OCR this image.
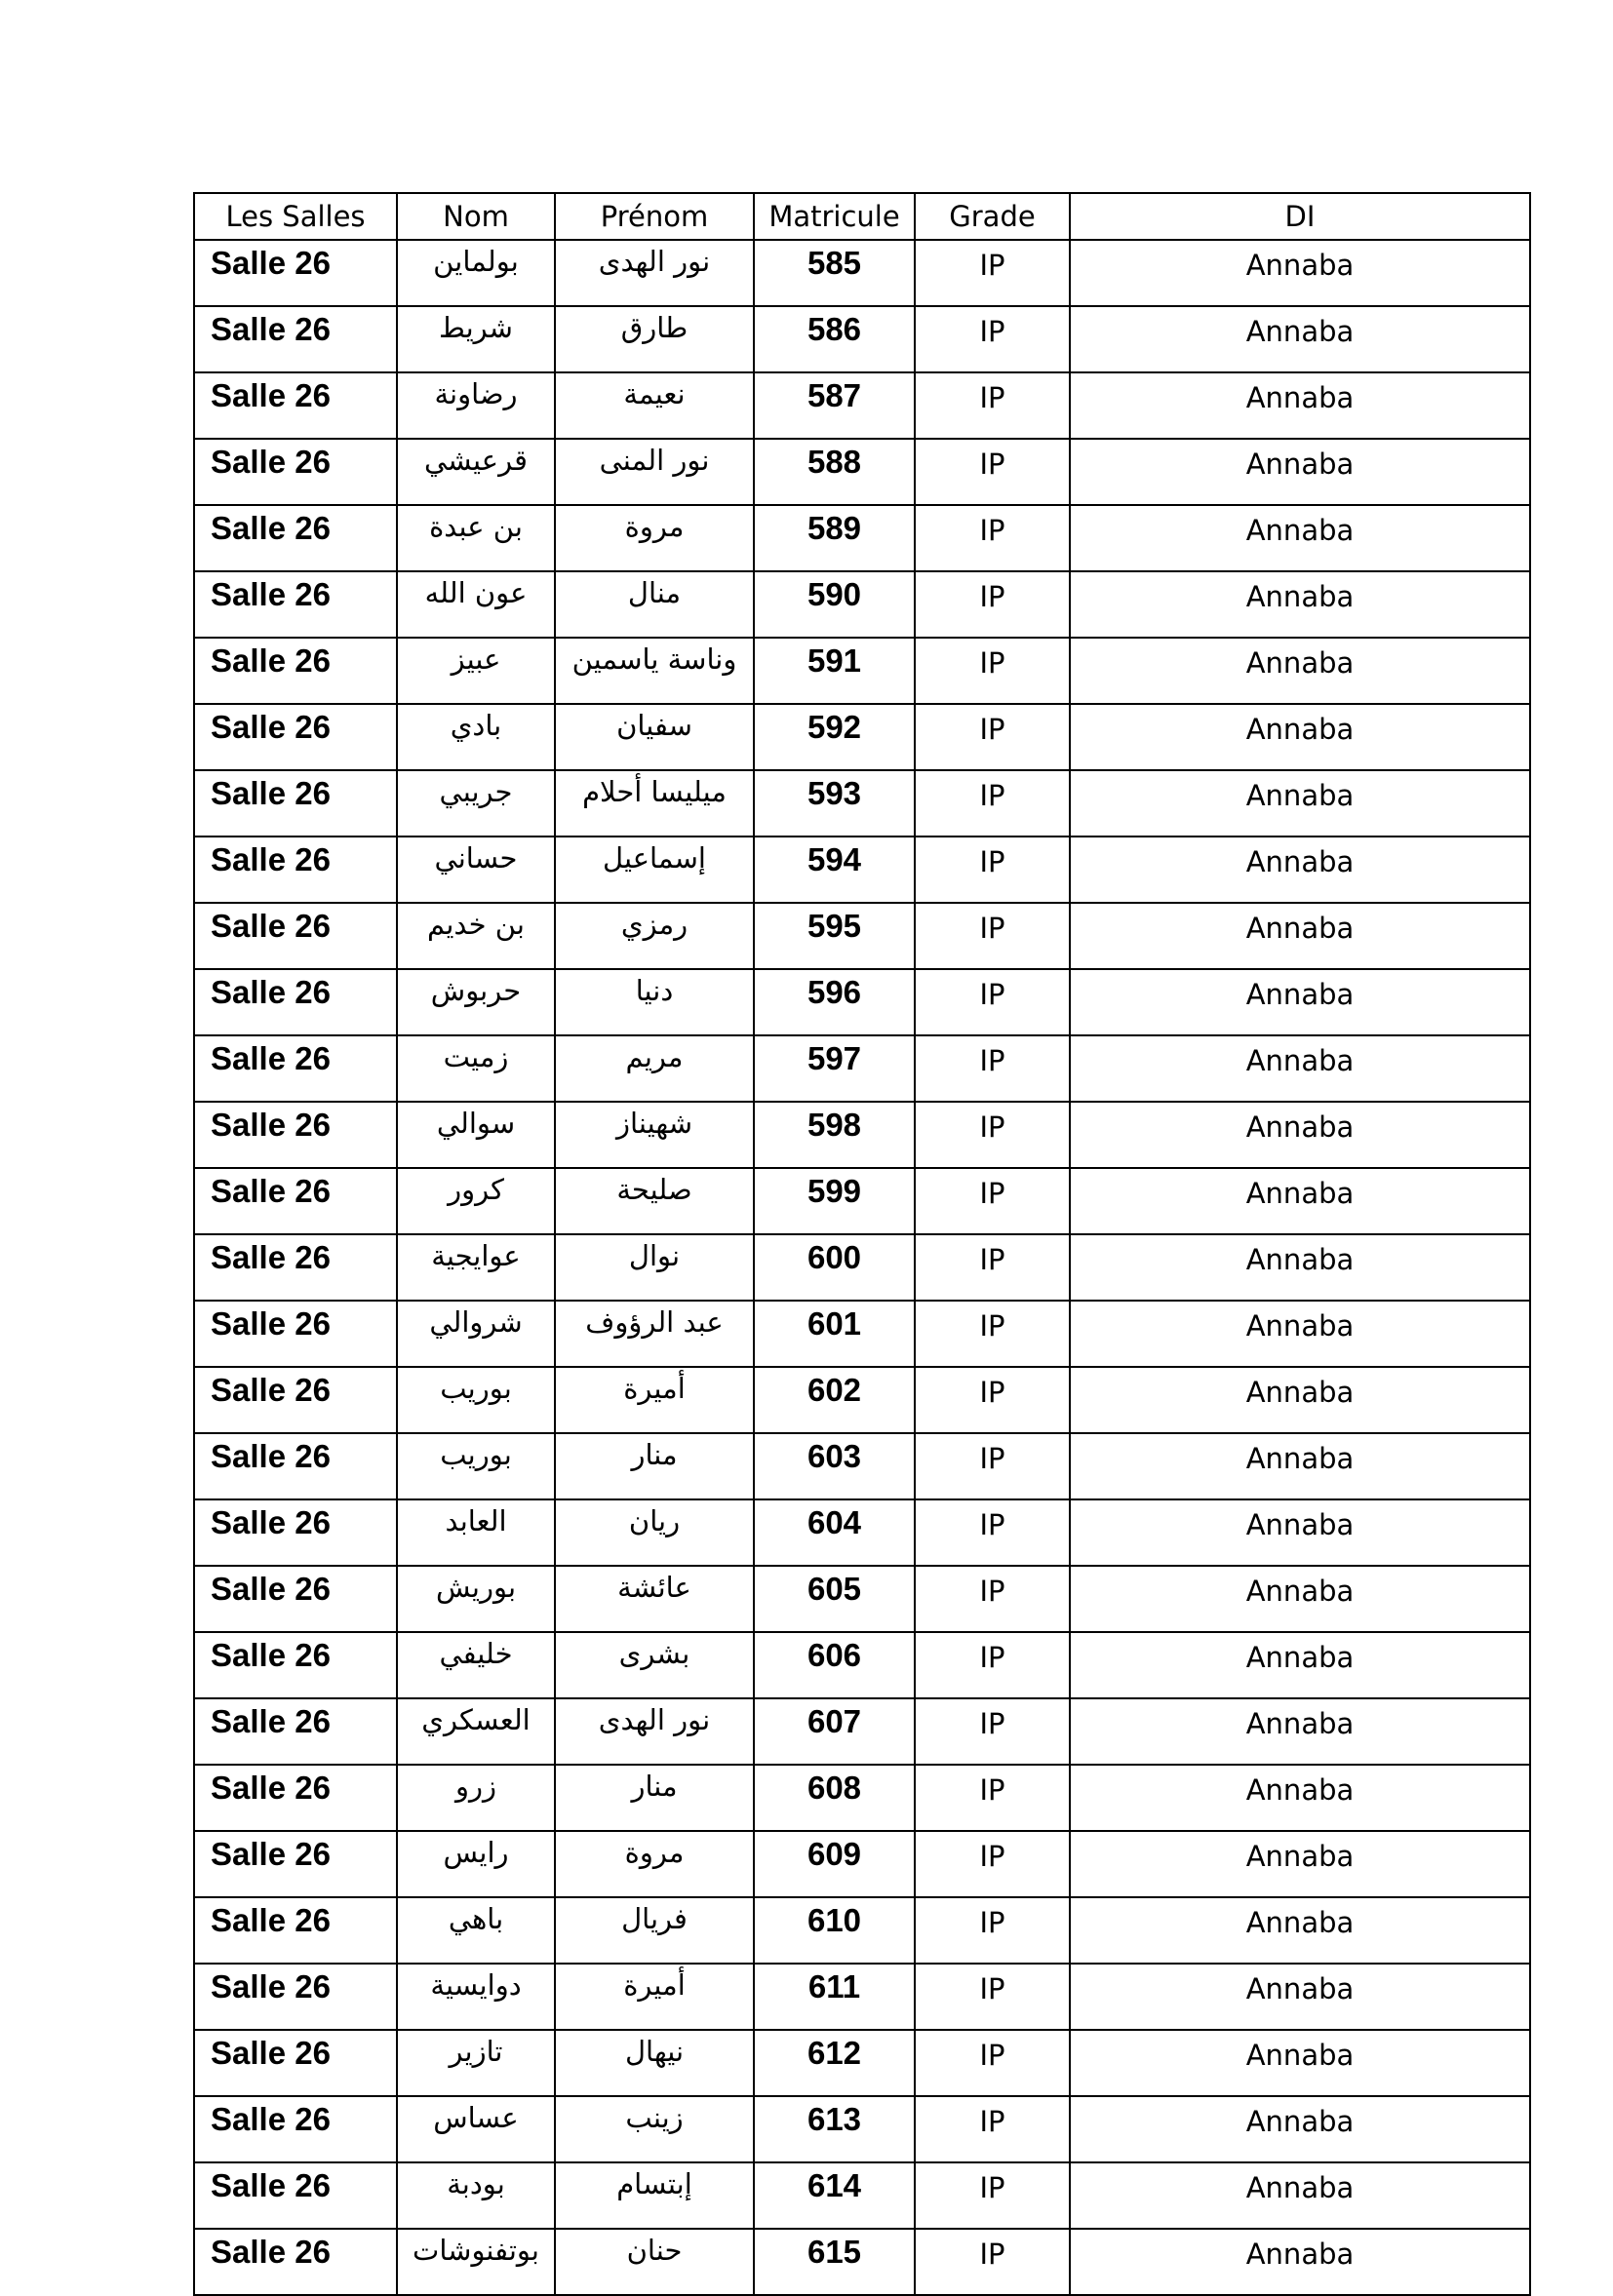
Les Salles	Nom	Prénom	Matricule	Grade	DI
Salle 26	بولماين	نور الهدى	585	IP	Annaba
Salle 26	شريط	طارق	586	IP	Annaba
Salle 26	رضاونة	نعيمة	587	IP	Annaba
Salle 26	قرعيشي	نور المنى	588	IP	Annaba
Salle 26	بن عبدة	مروة	589	IP	Annaba
Salle 26	عون الله	منال	590	IP	Annaba
Salle 26	عبيز	وناسة ياسمين	591	IP	Annaba
Salle 26	بادي	سفيان	592	IP	Annaba
Salle 26	جريبي	ميليسا أحلام	593	IP	Annaba
Salle 26	حساني	إسماعيل	594	IP	Annaba
Salle 26	بن خديم	رمزي	595	IP	Annaba
Salle 26	حربوش	دنيا	596	IP	Annaba
Salle 26	زميت	مريم	597	IP	Annaba
Salle 26	سوالي	شهيناز	598	IP	Annaba
Salle 26	كرور	صليحة	599	IP	Annaba
Salle 26	عوايجية	نوال	600	IP	Annaba
Salle 26	شروالي	عبد الرؤوف	601	IP	Annaba
Salle 26	بوريب	أميرة	602	IP	Annaba
Salle 26	بوريب	منار	603	IP	Annaba
Salle 26	العابد	ريان	604	IP	Annaba
Salle 26	بوريش	عائشة	605	IP	Annaba
Salle 26	خليفي	بشرى	606	IP	Annaba
Salle 26	العسكري	نور الهدى	607	IP	Annaba
Salle 26	زرو	منار	608	IP	Annaba
Salle 26	رايس	مروة	609	IP	Annaba
Salle 26	باهي	فريال	610	IP	Annaba
Salle 26	دوايسية	أميرة	611	IP	Annaba
Salle 26	تازير	نيهال	612	IP	Annaba
Salle 26	عساس	زينب	613	IP	Annaba
Salle 26	بودبة	إبتسام	614	IP	Annaba
Salle 26	بوتفنوشات	حنان	615	IP	Annaba
